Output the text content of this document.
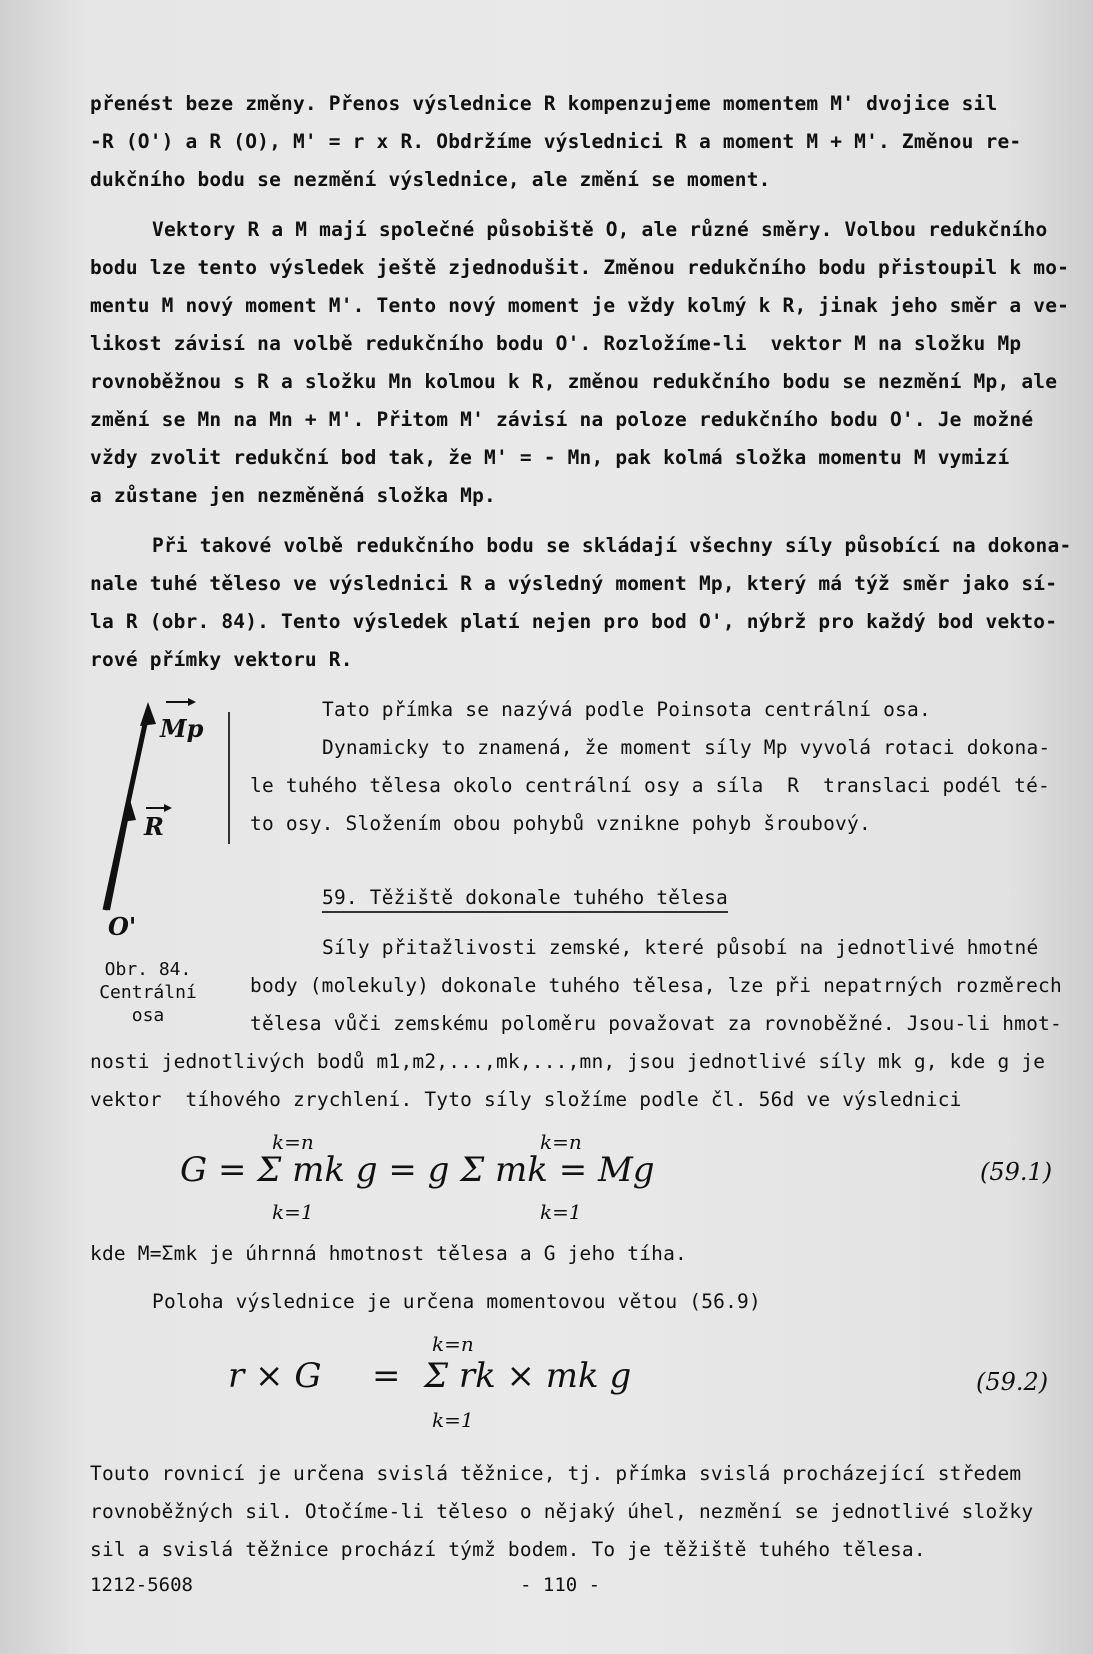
přenést beze změny. Přenos výslednice R kompenzujeme momentem M' dvojice sil
-R (O') a R (O), M' = r x R. Obdržíme výslednici R a moment M + M'. Změnou re-
dukčního bodu se nezmění výslednice, ale změní se moment.
Vektory R a M mají společné působiště O, ale různé směry. Volbou redukčního
bodu lze tento výsledek ještě zjednodušit. Změnou redukčního bodu přistoupil k mo-
mentu M nový moment M'. Tento nový moment je vždy kolmý k R, jinak jeho směr a ve-
likost závisí na volbě redukčního bodu O'. Rozložíme-li  vektor M na složku Mp
rovnoběžnou s R a složku Mn kolmou k R, změnou redukčního bodu se nezmění Mp, ale
změní se Mn na Mn + M'. Přitom M' závisí na poloze redukčního bodu O'. Je možné
vždy zvolit redukční bod tak, že M' = - Mn, pak kolmá složka momentu M vymizí
a zůstane jen nezměněná složka Mp.
Při takové volbě redukčního bodu se skládají všechny síly působící na dokona-
nale tuhé těleso ve výslednici R a výsledný moment Mp, který má týž směr jako sí-
la R (obr. 84). Tento výsledek platí nejen pro bod O', nýbrž pro každý bod vekto-
rové přímky vektoru R.
Mp
R
O'
Obr. 84.
Centrální
osa
Tato přímka se nazývá podle Poinsota centrální osa.
Dynamicky to znamená, že moment síly Mp vyvolá rotaci dokona-
le tuhého tělesa okolo centrální osy a síla  R  translaci podél té-
to osy. Složením obou pohybů vznikne pohyb šroubový.
59. Těžiště dokonale tuhého tělesa
Síly přitažlivosti zemské, které působí na jednotlivé hmotné
body (molekuly) dokonale tuhého tělesa, lze při nepatrných rozměrech
tělesa vůči zemskému poloměru považovat za rovnoběžné. Jsou-li hmot-
nosti jednotlivých bodů m1,m2,...,mk,...,mn, jsou jednotlivé síly mk g, kde g je
vektor  tíhového zrychlení. Tyto síly složíme podle čl. 56d ve výslednici
k=n	k=n
G = Σ mk g = g Σ mk = Mg
k=1	k=1
(59.1)
kde M=Σmk je úhrnná hmotnost tělesa a G jeho tíha.
Poloha výslednice je určena momentovou větou (56.9)
k=n
r × G = Σ rk × mk g
k=1
(59.2)
Touto rovnicí je určena svislá těžnice, tj. přímka svislá procházející středem
rovnoběžných sil. Otočíme-li těleso o nějaký úhel, nezmění se jednotlivé složky
sil a svislá těžnice prochází týmž bodem. To je těžiště tuhého tělesa.
1212-5608	- 110 -
